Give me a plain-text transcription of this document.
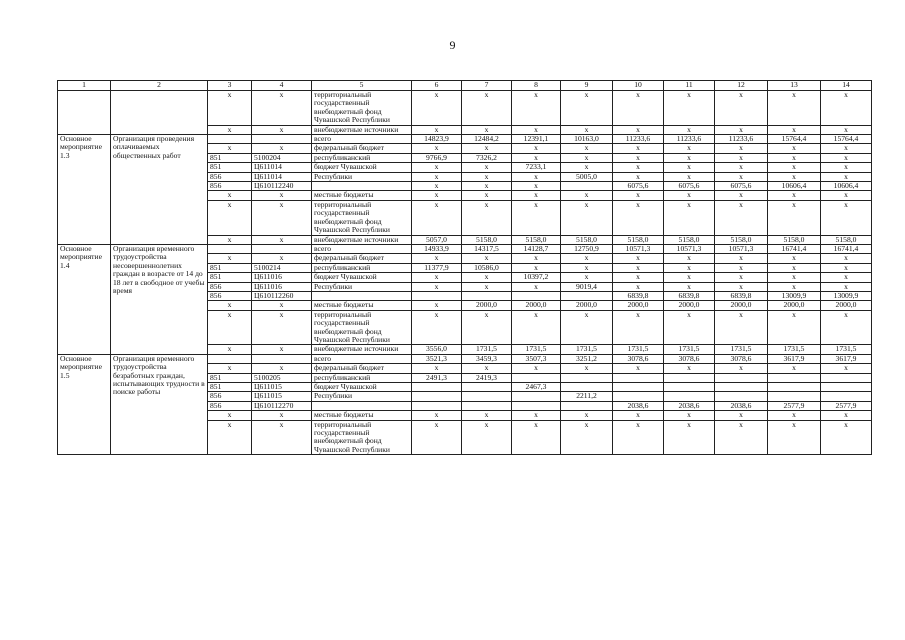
9
1	2	3	4	5	6	7	8	9	10	11	12	13	14
		х	х	территориальный государственный внебюджетный фонд Чувашской Республики	х	х	х	х	х	х	х	х	х
		х	х	внебюджетные источники	х	х	х	х	х	х	х	х	х
Основное мероприятие 1.3	Организация проведения оплачиваемых общественных работ			всего	14823,9	12484,2	12391,1	10163,0	11233,6	11233,6	11233,6	15764,4	15764,4
		х	х	федеральный бюджет	х	х	х	х	х	х	х	х	х
		851	5100204	республиканский	9766,9	7326,2	х	х	х	х	х	х	х
		851	Ц611014	бюджет Чувашской	х	х	7233,1	х	х	х	х	х	х
		856	Ц611014	Республики	х	х	х	5005,0	х	х	х	х	х
		856	Ц610112240		х	х	х		6075,6	6075,6	6075,6	10606,4	10606,4
		х	х	местные бюджеты	х	х	х	х	х	х	х	х	х
		х	х	территориальный государственный внебюджетный фонд Чувашской Республики	х	х	х	х	х	х	х	х	х
		х	х	внебюджетные источники	5057,0	5158,0	5158,0	5158,0	5158,0	5158,0	5158,0	5158,0	5158,0
Основное мероприятие 1.4	Организация временного трудоустройства несовершеннолетних граждан в возрасте от 14 до 18 лет в свободное от учебы время			всего	14933,9	14317,5	14128,7	12750,9	10571,3	10571,3	10571,3	16741,4	16741,4
		х	х	федеральный бюджет	х	х	х	х	х	х	х	х	х
		851	5100214	республиканский	11377,9	10586,0	х	х	х	х	х	х	х
		851	Ц611016	бюджет Чувашской	х	х	10397,2	х	х	х	х	х	х
		856	Ц611016	Республики	х	х	х	9019,4	х	х	х	х	х
		856	Ц610112260						6839,8	6839,8	6839,8	13009,9	13009,9
		х	х	местные бюджеты	х	2000,0	2000,0	2000,0	2000,0	2000,0	2000,0	2000,0	2000,0
		х	х	территориальный государственный внебюджетный фонд Чувашской Республики	х	х	х	х	х	х	х	х	х
		х	х	внебюджетные источники	3556,0	1731,5	1731,5	1731,5	1731,5	1731,5	1731,5	1731,5	1731,5
Основное мероприятие 1.5	Организация временного трудоустройства безработных граждан, испытывающих трудности в поиске работы			всего	3521,3	3459,3	3507,3	3251,2	3078,6	3078,6	3078,6	3617,9	3617,9
		х	х	федеральный бюджет	х	х	х	х	х	х	х	х	х
		851	5100205	республиканский	2491,3	2419,3							
		851	Ц611015	бюджет Чувашской			2467,3						
		856	Ц611015	Республики				2211,2					
		856	Ц610112270						2038,6	2038,6	2038,6	2577,9	2577,9
		х	х	местные бюджеты	х	х	х	х	х	х	х	х	х
		х	х	территориальный государственный внебюджетный фонд Чувашской Республики	х	х	х	х	х	х	х	х	х
